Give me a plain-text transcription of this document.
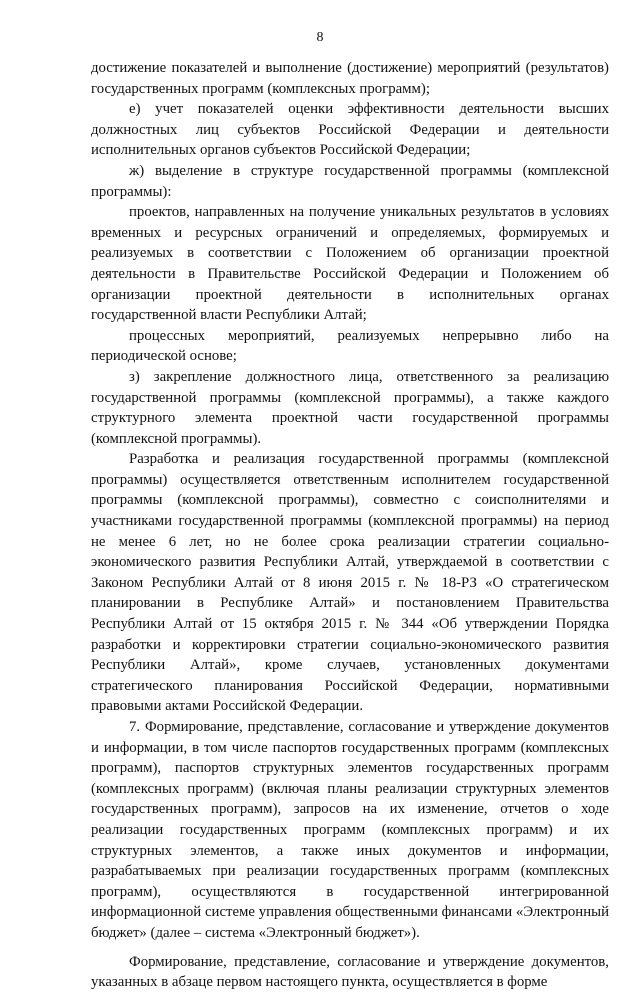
8

достижение показателей и выполнение (достижение) мероприятий (результатов) государственных программ (комплексных программ);

е) учет показателей оценки эффективности деятельности высших должностных лиц субъектов Российской Федерации и деятельности исполнительных органов субъектов Российской Федерации;

ж) выделение в структуре государственной программы (комплексной программы):

проектов, направленных на получение уникальных результатов в условиях временных и ресурсных ограничений и определяемых, формируемых и реализуемых в соответствии с Положением об организации проектной деятельности в Правительстве Российской Федерации и Положением об организации проектной деятельности в исполнительных органах государственной власти Республики Алтай;

процессных мероприятий, реализуемых непрерывно либо на периодической основе;

з) закрепление должностного лица, ответственного за реализацию государственной программы (комплексной программы), а также каждого структурного элемента проектной части государственной программы (комплексной программы).

Разработка и реализация государственной программы (комплексной программы) осуществляется ответственным исполнителем государственной программы (комплексной программы), совместно с соисполнителями и участниками государственной программы (комплексной программы) на период не менее 6 лет, но не более срока реализации стратегии социально-экономического развития Республики Алтай, утверждаемой в соответствии с Законом Республики Алтай от 8 июня 2015 г. № 18-РЗ «О стратегическом планировании в Республике Алтай» и постановлением Правительства Республики Алтай от 15 октября 2015 г. № 344 «Об утверждении Порядка разработки и корректировки стратегии социально-экономического развития Республики Алтай», кроме случаев, установленных документами стратегического планирования Российской Федерации, нормативными правовыми актами Российской Федерации.

7. Формирование, представление, согласование и утверждение документов и информации, в том числе паспортов государственных программ (комплексных программ), паспортов структурных элементов государственных программ (комплексных программ) (включая планы реализации структурных элементов государственных программ), запросов на их изменение, отчетов о ходе реализации государственных программ (комплексных программ) и их структурных элементов, а также иных документов и информации, разрабатываемых при реализации государственных программ (комплексных программ), осуществляются в государственной интегрированной информационной системе управления общественными финансами «Электронный бюджет» (далее – система «Электронный бюджет»).

Формирование, представление, согласование и утверждение документов, указанных в абзаце первом настоящего пункта, осуществляется в форме
